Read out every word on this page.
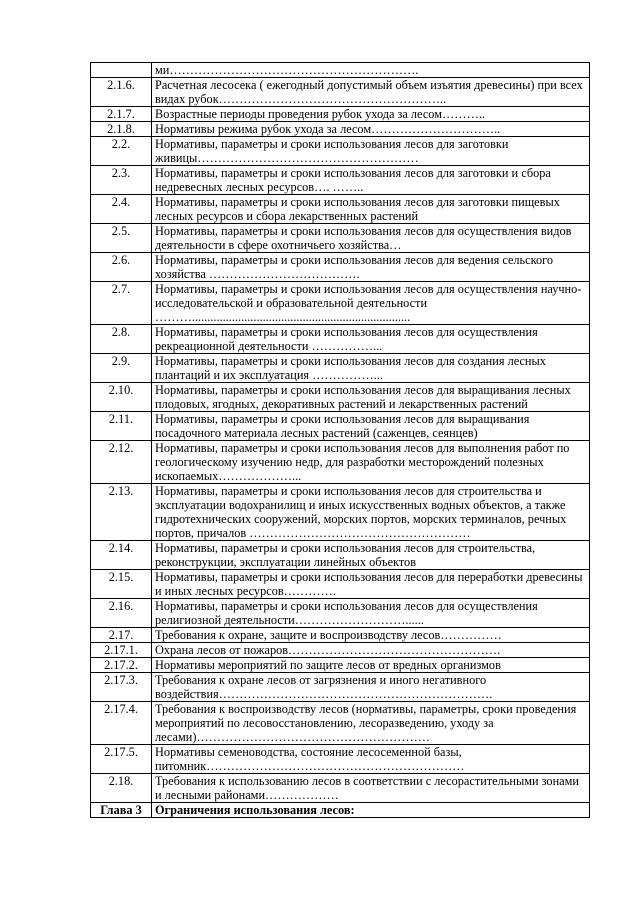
	ми…………………………………………………….
2.1.6.	Расчетная лесосека ( ежегодный допустимый объем изъятия древесины) при всех видах рубок………………………………………………..
2.1.7.	Возрастные периоды проведения рубок ухода за лесом………..
2.1.8.	Нормативы режима рубок ухода за лесом…………………………..
2.2.	Нормативы, параметры и сроки использования лесов для заготовки живицы………………………………………………
2.3.	Нормативы, параметры и сроки использования лесов для заготовки и сбора недревесных лесных ресурсов…. ……..
2.4.	Нормативы, параметры и сроки использования лесов для заготовки пищевых лесных ресурсов и сбора лекарственных растений
2.5.	Нормативы, параметры и сроки использования лесов для осуществления видов деятельности в сфере охотничьего хозяйства…
2.6.	Нормативы, параметры и сроки использования лесов для ведения сельского хозяйства ……………………………….
2.7.	Нормативы, параметры и сроки использования лесов для осуществления научно-исследовательской и образовательной деятельности ……….......................................................................
2.8.	Нормативы, параметры и сроки использования лесов для осуществления рекреационной деятельности ……………...
2.9.	Нормативы, параметры и сроки использования лесов для создания лесных плантаций и их эксплуатация ……………...
2.10.	Нормативы, параметры и сроки использования лесов для выращивания лесных плодовых, ягодных, декоративных растений и лекарственных растений
2.11.	Нормативы, параметры и сроки использования лесов для выращивания посадочного материала лесных растений (саженцев, сеянцев)
2.12.	Нормативы, параметры и сроки использования лесов для выполнения работ по геологическому изучению недр, для разработки месторождений полезных ископаемых………………...
2.13.	Нормативы, параметры и сроки использования лесов для строительства и эксплуатации водохранилищ и иных искусственных водных объектов, а также гидротехнических сооружений, морских портов, морских терминалов, речных портов, причалов ………………………………………………
2.14.	Нормативы, параметры и сроки использования лесов для строительства, реконструкции, эксплуатации линейных объектов
2.15.	Нормативы, параметры и сроки использования лесов для переработки древесины и иных лесных ресурсов………….
2.16.	Нормативы, параметры и сроки использования лесов для осуществления религиозной деятельности………………………......
2.17.	Требования к охране, защите и воспроизводству лесов……………
2.17.1.	Охрана лесов от пожаров…………………………………………….
2.17.2.	Нормативы мероприятий по защите лесов от вредных организмов
2.17.3.	Требования к охране лесов от загрязнения и иного негативного воздействия………………………………………………………….
2.17.4.	Требования к воспроизводству лесов (нормативы, параметры, сроки проведения мероприятий по лесовосстановлению, лесоразведению, уходу за лесами)…………………………………………………
2.17.5.	Нормативы семеноводства, состояние лесосеменной базы, питомник………………………………………………………
2.18.	Требования к использованию лесов в соответствии с лесорастительными зонами и лесными районами………………
Глава 3	Ограничения использования лесов:
